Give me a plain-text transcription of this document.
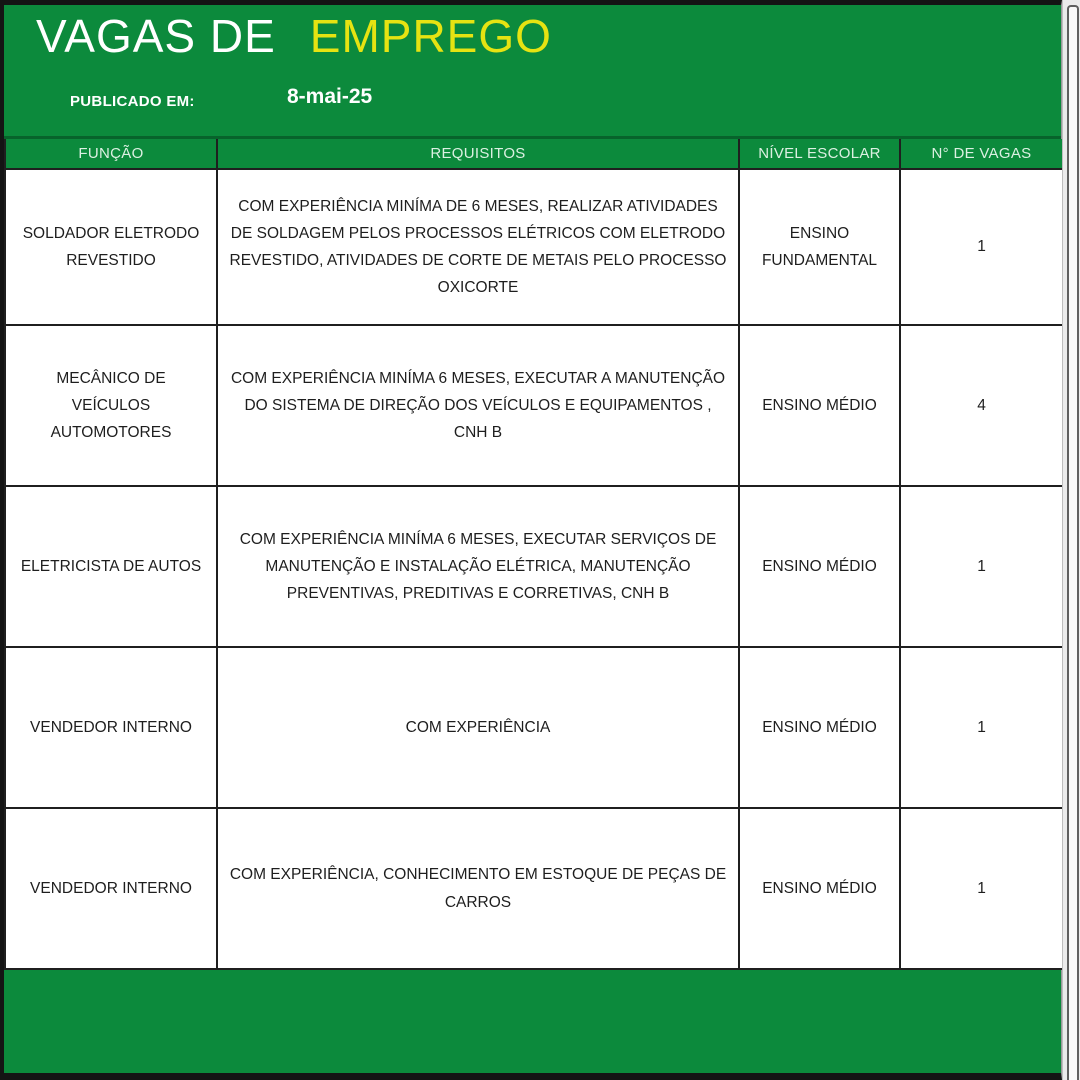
VAGAS DE EMPREGO
PUBLICADO EM:	8-mai-25
FUNÇÃO	REQUISITOS	NÍVEL ESCOLAR	N° DE VAGAS
SOLDADOR ELETRODO REVESTIDO	COM EXPERIÊNCIA MINÍMA DE 6 MESES, REALIZAR ATIVIDADES DE SOLDAGEM PELOS PROCESSOS ELÉTRICOS COM ELETRODO REVESTIDO, ATIVIDADES DE CORTE DE METAIS PELO PROCESSO OXICORTE	ENSINO FUNDAMENTAL	1
MECÂNICO DE VEÍCULOS AUTOMOTORES	COM EXPERIÊNCIA MINÍMA 6 MESES, EXECUTAR A MANUTENÇÃO DO SISTEMA DE DIREÇÃO DOS VEÍCULOS E EQUIPAMENTOS , CNH B	ENSINO MÉDIO	4
ELETRICISTA DE AUTOS	COM EXPERIÊNCIA MINÍMA 6 MESES, EXECUTAR SERVIÇOS DE MANUTENÇÃO E INSTALAÇÃO ELÉTRICA, MANUTENÇÃO PREVENTIVAS, PREDITIVAS E CORRETIVAS, CNH B	ENSINO MÉDIO	1
VENDEDOR INTERNO	COM EXPERIÊNCIA	ENSINO MÉDIO	1
VENDEDOR INTERNO	COM EXPERIÊNCIA, CONHECIMENTO EM ESTOQUE DE PEÇAS DE CARROS	ENSINO MÉDIO	1
